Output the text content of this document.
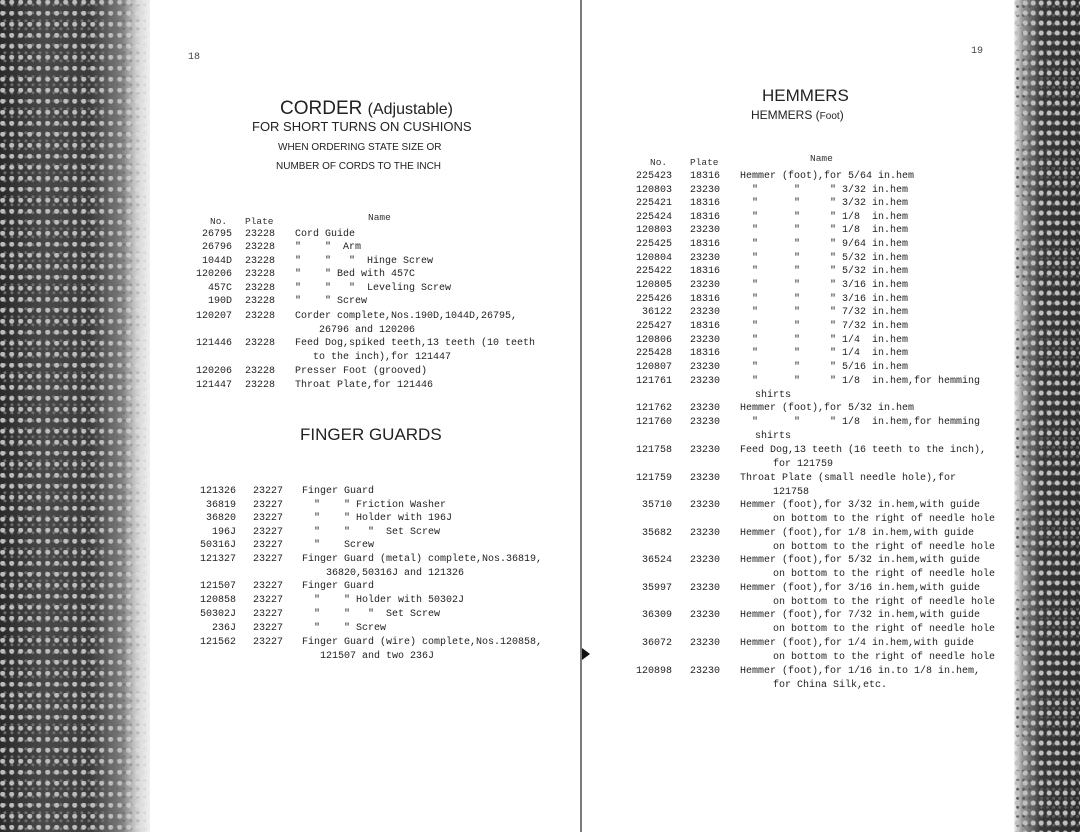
18
CORDER (Adjustable)
FOR SHORT TURNS ON CUSHIONS
WHEN ORDERING STATE SIZE OR
NUMBER OF CORDS TO THE INCH
No. Plate	Name
26795 23228 Cord Guide
26796 23228 "    "  Arm
1044D 23228 "    "   "  Hinge Screw
120206 23228 "    " Bed with 457C
457C 23228 "    "   "  Leveling Screw
190D 23228 "    " Screw
120207 23228 Corder complete,Nos.190D,1044D,26795,
26796 and 120206
121446 23228 Feed Dog,spiked teeth,13 teeth (10 teeth
to the inch),for 121447
120206 23228 Presser Foot (grooved)
121447 23228 Throat Plate,for 121446
FINGER GUARDS
121326 23227 Finger Guard
36819 23227 "    " Friction Washer
36820 23227 "    " Holder with 196J
196J 23227 "    "   "  Set Screw
50316J 23227 "    Screw
121327 23227 Finger Guard (metal) complete,Nos.36819,
36820,50316J and 121326
121507 23227 Finger Guard
120858 23227 "    " Holder with 50302J
50302J 23227 "    "   "  Set Screw
236J 23227 "    " Screw
121562 23227 Finger Guard (wire) complete,Nos.120858,
121507 and two 236J
19
HEMMERS
HEMMERS (Foot)
No. Plate	Name
225423 18316 Hemmer (foot),for 5/64 in.hem
120803 23230 "      "     " 3/32 in.hem
225421 18316 "      "     " 3/32 in.hem
225424 18316 "      "     " 1/8  in.hem
120803 23230 "      "     " 1/8  in.hem
225425 18316 "      "     " 9/64 in.hem
120804 23230 "      "     " 5/32 in.hem
225422 18316 "      "     " 5/32 in.hem
120805 23230 "      "     " 3/16 in.hem
225426 18316 "      "     " 3/16 in.hem
36122 23230 "      "     " 7/32 in.hem
225427 18316 "      "     " 7/32 in.hem
120806 23230 "      "     " 1/4  in.hem
225428 18316 "      "     " 1/4  in.hem
120807 23230 "      "     " 5/16 in.hem
121761 23230 "      "     " 1/8  in.hem,for hemming
shirts
121762 23230 Hemmer (foot),for 5/32 in.hem
121760 23230 "      "     " 1/8  in.hem,for hemming
shirts
121758 23230 Feed Dog,13 teeth (16 teeth to the inch),
for 121759
121759 23230 Throat Plate (small needle hole),for
121758
35710 23230 Hemmer (foot),for 3/32 in.hem,with guide
on bottom to the right of needle hole
35682 23230 Hemmer (foot),for 1/8 in.hem,with guide
on bottom to the right of needle hole
36524 23230 Hemmer (foot),for 5/32 in.hem,with guide
on bottom to the right of needle hole
35997 23230 Hemmer (foot),for 3/16 in.hem,with guide
on bottom to the right of needle hole
36309 23230 Hemmer (foot),for 7/32 in.hem,with guide
on bottom to the right of needle hole
36072 23230 Hemmer (foot),for 1/4 in.hem,with guide
on bottom to the right of needle hole
120898 23230 Hemmer (foot),for 1/16 in.to 1/8 in.hem,
for China Silk,etc.
